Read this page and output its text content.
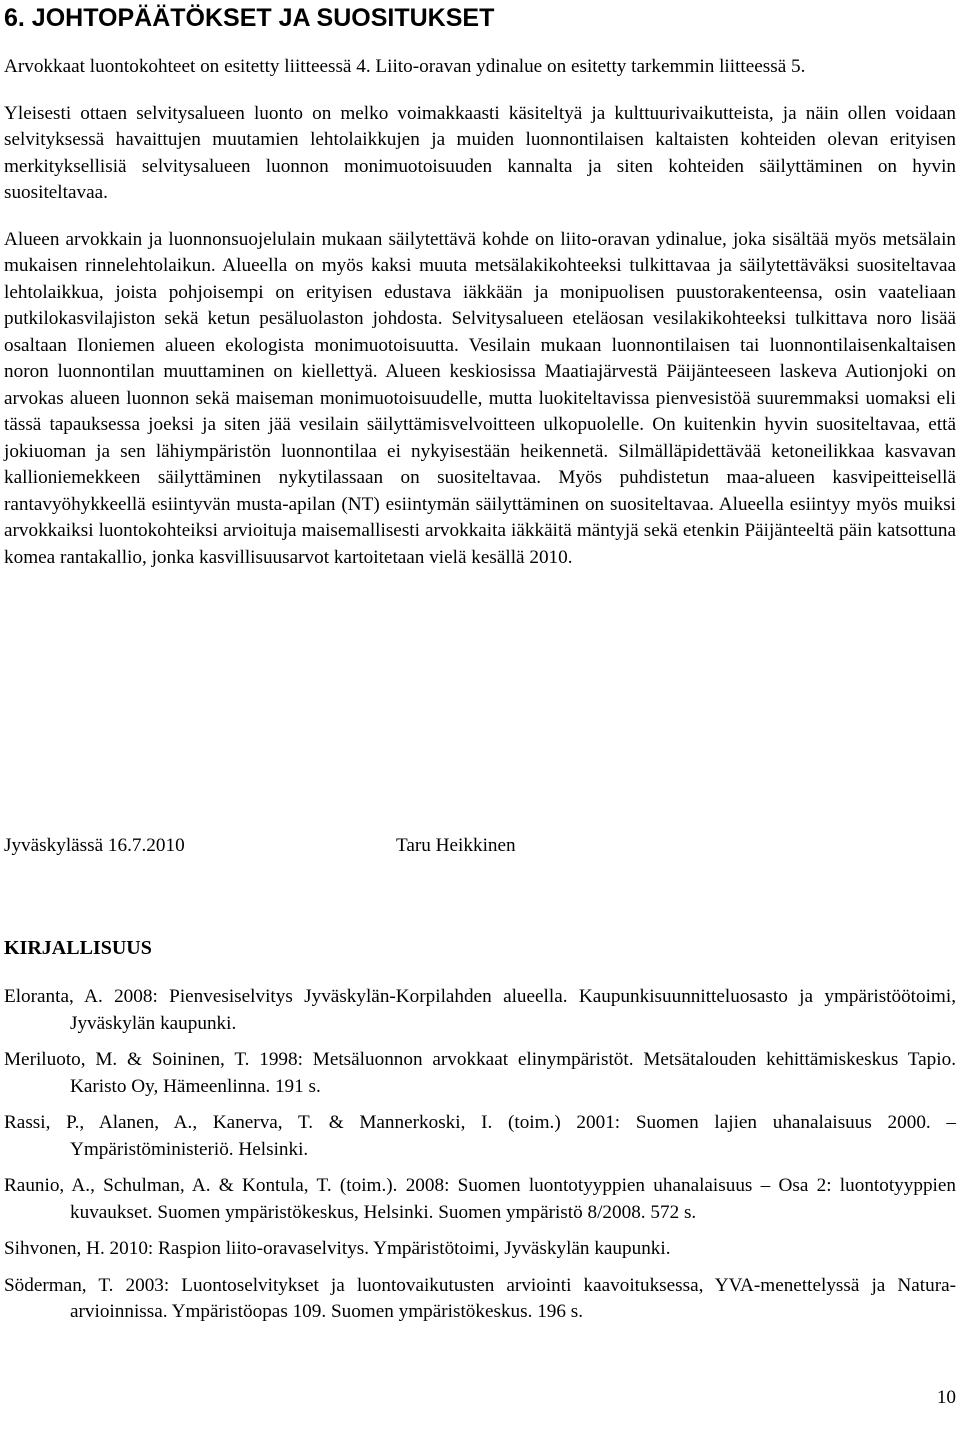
6. JOHTOPÄÄTÖKSET JA SUOSITUKSET

Arvokkaat luontokohteet on esitetty liitteessä 4. Liito-oravan ydinalue on esitetty tarkemmin liitteessä 5.

Yleisesti ottaen selvitysalueen luonto on melko voimakkaasti käsiteltyä ja kulttuurivaikutteista, ja näin ollen voidaan selvityksessä havaittujen muutamien lehtolaikkujen ja muiden luonnontilaisen kaltaisten kohteiden olevan erityisen merkityksellisiä selvitysalueen luonnon monimuotoisuuden kannalta ja siten kohteiden säilyttäminen on hyvin suositeltavaa.

Alueen arvokkain ja luonnonsuojelulain mukaan säilytettävä kohde on liito-oravan ydinalue, joka sisältää myös metsälain mukaisen rinnelehtolaikun. Alueella on myös kaksi muuta metsälakikohteeksi tulkittavaa ja säilytettäväksi suositeltavaa lehtolaikkua, joista pohjoisempi on erityisen edustava iäkkään ja monipuolisen puustorakenteensa, osin vaateliaan putkilokasvilajiston sekä ketun pesäluolaston johdosta. Selvitysalueen eteläosan vesilakikohteeksi tulkittava noro lisää osaltaan Iloniemen alueen ekologista monimuotoisuutta. Vesilain mukaan luonnontilaisen tai luonnontilaisenkaltaisen noron luonnontilan muuttaminen on kiellettyä. Alueen keskiosissa Maatiajärvestä Päijänteeseen laskeva Autionjoki on arvokas alueen luonnon sekä maiseman monimuotoisuudelle, mutta luokiteltavissa pienvesistöä suuremmaksi uomaksi eli tässä tapauksessa joeksi ja siten jää vesilain säilyttämisvelvoitteen ulkopuolelle. On kuitenkin hyvin suositeltavaa, että jokiuoman ja sen lähiympäristön luonnontilaa ei nykyisestään heikennetä. Silmälläpidettävää ketoneilikkaa kasvavan kallioniemekkeen säilyttäminen nykytilassaan on suositeltavaa. Myös puhdistetun maa-alueen kasvipeitteisellä rantavyöhykkeellä esiintyvän musta-apilan (NT) esiintymän säilyttäminen on suositeltavaa. Alueella esiintyy myös muiksi arvokkaiksi luontokohteiksi arvioituja maisemallisesti arvokkaita iäkkäitä mäntyjä sekä etenkin Päijänteeltä päin katsottuna komea rantakallio, jonka kasvillisuusarvot kartoitetaan vielä kesällä 2010.

Jyväskylässä 16.7.2010	Taru Heikkinen
KIRJALLISUUS
Eloranta, A. 2008: Pienvesiselvitys Jyväskylän-Korpilahden alueella. Kaupunkisuunnitteluosasto ja ympäristöötoimi, Jyväskylän kaupunki.
Meriluoto, M. & Soininen, T. 1998: Metsäluonnon arvokkaat elinympäristöt. Metsätalouden kehittämiskeskus Tapio. Karisto Oy, Hämeenlinna. 191 s.
Rassi, P., Alanen, A., Kanerva, T. & Mannerkoski, I. (toim.) 2001: Suomen lajien uhanalaisuus 2000. –Ympäristöministeriö. Helsinki.
Raunio, A., Schulman, A. & Kontula, T. (toim.). 2008: Suomen luontotyyppien uhanalaisuus – Osa 2: luontotyyppien kuvaukset. Suomen ympäristökeskus, Helsinki. Suomen ympäristö 8/2008. 572 s.
Sihvonen, H. 2010: Raspion liito-oravaselvitys. Ympäristötoimi, Jyväskylän kaupunki.
Söderman, T. 2003: Luontoselvitykset ja luontovaikutusten arviointi kaavoituksessa, YVA-menettelyssä ja Natura-arvioinnissa. Ympäristöopas 109. Suomen ympäristökeskus. 196 s.
10
